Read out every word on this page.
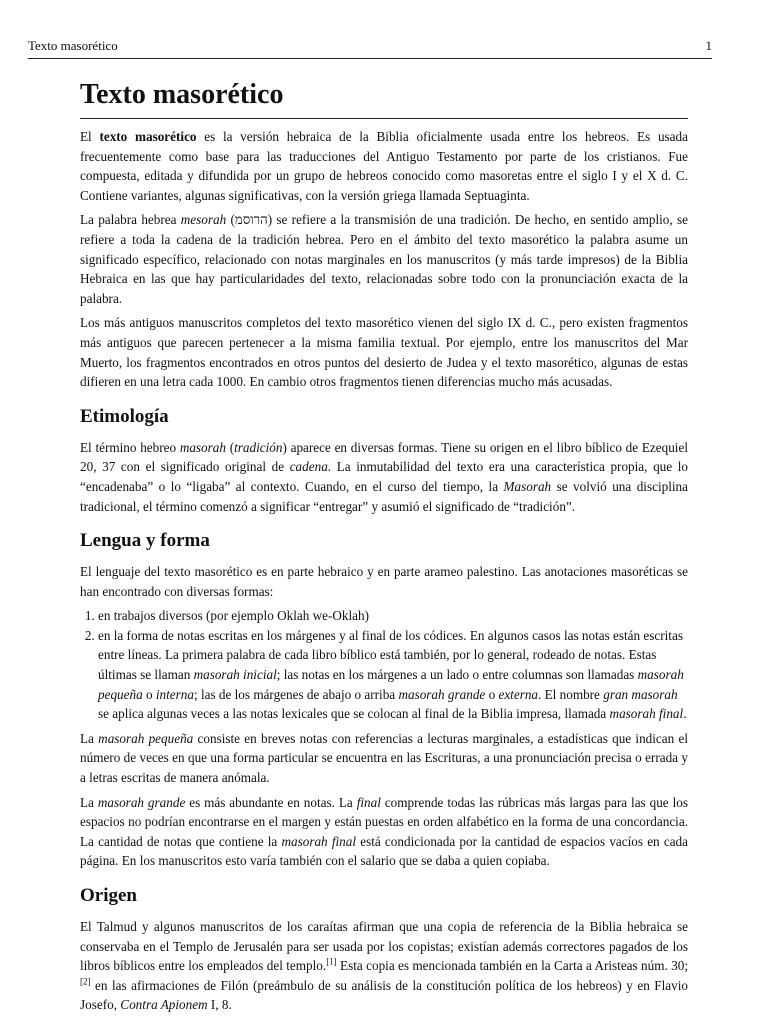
Texto masorético	1
Texto masorético

El texto masorético es la versión hebraica de la Biblia oficialmente usada entre los hebreos. Es usada frecuentemente como base para las traducciones del Antiguo Testamento por parte de los cristianos. Fue compuesta, editada y difundida por un grupo de hebreos conocido como masoretas entre el siglo I y el X d. C. Contiene variantes, algunas significativas, con la versión griega llamada Septuaginta.

La palabra hebrea mesorah (הרוסמ) se refiere a la transmisión de una tradición. De hecho, en sentido amplio, se refiere a toda la cadena de la tradición hebrea. Pero en el ámbito del texto masorético la palabra asume un significado específico, relacionado con notas marginales en los manuscritos (y más tarde impresos) de la Biblia Hebraica en las que hay particularidades del texto, relacionadas sobre todo con la pronunciación exacta de la palabra.

Los más antiguos manuscritos completos del texto masorético vienen del siglo IX d. C., pero existen fragmentos más antiguos que parecen pertenecer a la misma familia textual. Por ejemplo, entre los manuscritos del Mar Muerto, los fragmentos encontrados en otros puntos del desierto de Judea y el texto masorético, algunas de estas difieren en una letra cada 1000. En cambio otros fragmentos tienen diferencias mucho más acusadas.

Etimología

El término hebreo masorah (tradición) aparece en diversas formas. Tiene su origen en el libro bíblico de Ezequiel 20, 37 con el significado original de cadena. La inmutabilidad del texto era una característica propia, que lo “encadenaba” o lo “ligaba” al contexto. Cuando, en el curso del tiempo, la Masorah se volvió una disciplina tradicional, el término comenzó a significar “entregar” y asumió el significado de “tradición”.

Lengua y forma

El lenguaje del texto masorético es en parte hebraico y en parte arameo palestino. Las anotaciones masoréticas se han encontrado con diversas formas:

1. en trabajos diversos (por ejemplo Oklah we-Oklah)
2. en la forma de notas escritas en los márgenes y al final de los códices. En algunos casos las notas están escritas entre líneas. La primera palabra de cada libro bíblico está también, por lo general, rodeado de notas. Estas últimas se llaman masorah inicial; las notas en los márgenes a un lado o entre columnas son llamadas masorah pequeña o interna; las de los márgenes de abajo o arriba masorah grande o externa. El nombre gran masorah se aplica algunas veces a las notas lexicales que se colocan al final de la Biblia impresa, llamada masorah final.

La masorah pequeña consiste en breves notas con referencias a lecturas marginales, a estadísticas que indican el número de veces en que una forma particular se encuentra en las Escrituras, a una pronunciación precisa o errada y a letras escritas de manera anómala.

La masorah grande es más abundante en notas. La final comprende todas las rúbricas más largas para las que los espacios no podrían encontrarse en el margen y están puestas en orden alfabético en la forma de una concordancia. La cantidad de notas que contiene la masorah final está condicionada por la cantidad de espacios vacíos en cada página. En los manuscritos esto varía también con el salario que se daba a quien copiaba.

Origen

El Talmud y algunos manuscritos de los caraítas afirman que una copia de referencia de la Biblia hebraica se conservaba en el Templo de Jerusalén para ser usada por los copistas; existían además correctores pagados de los libros bíblicos entre los empleados del templo.[1] Esta copia es mencionada también en la Carta a Aristeas núm. 30;[2] en las afirmaciones de Filón (preámbulo de su análisis de la constitución política de los hebreos) y en Flavio Josefo, Contra Apionem I, 8.
